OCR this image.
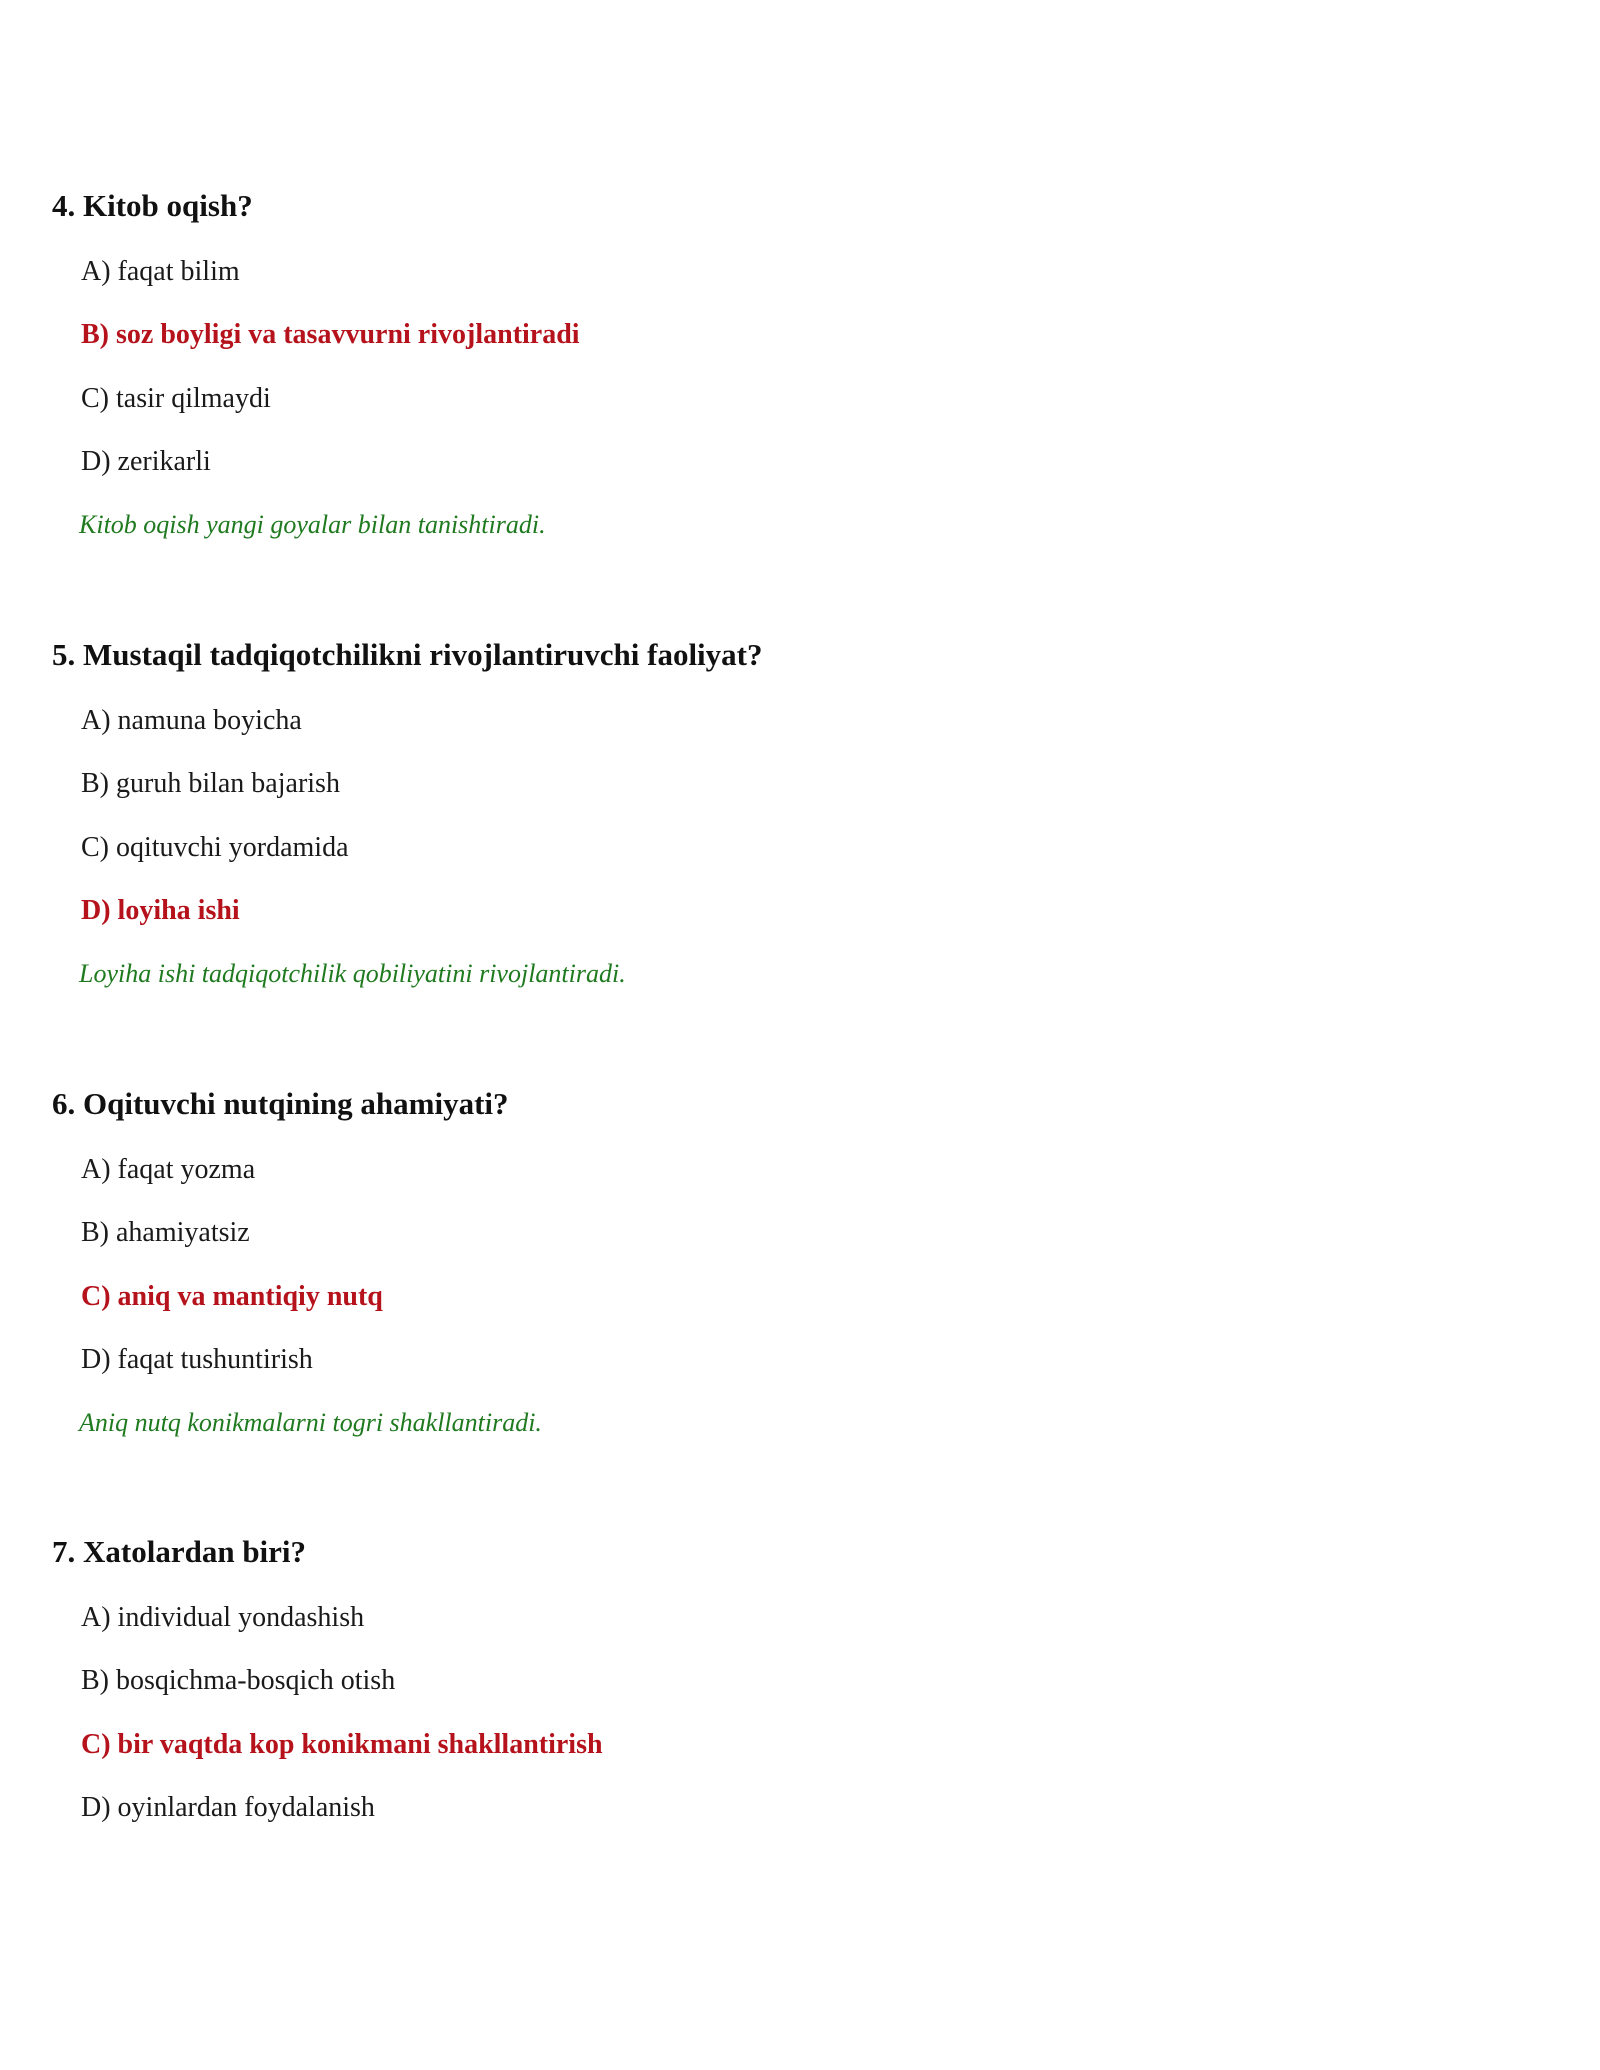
4. Kitob oqish?

A) faqat bilim

B) soz boyligi va tasavvurni rivojlantiradi

C) tasir qilmaydi

D) zerikarli

Kitob oqish yangi goyalar bilan tanishtiradi.

5. Mustaqil tadqiqotchilikni rivojlantiruvchi faoliyat?

A) namuna boyicha

B) guruh bilan bajarish

C) oqituvchi yordamida

D) loyiha ishi

Loyiha ishi tadqiqotchilik qobiliyatini rivojlantiradi.

6. Oqituvchi nutqining ahamiyati?

A) faqat yozma

B) ahamiyatsiz

C) aniq va mantiqiy nutq

D) faqat tushuntirish

Aniq nutq konikmalarni togri shakllantiradi.

7. Xatolardan biri?

A) individual yondashish

B) bosqichma-bosqich otish

C) bir vaqtda kop konikmani shakllantirish

D) oyinlardan foydalanish
